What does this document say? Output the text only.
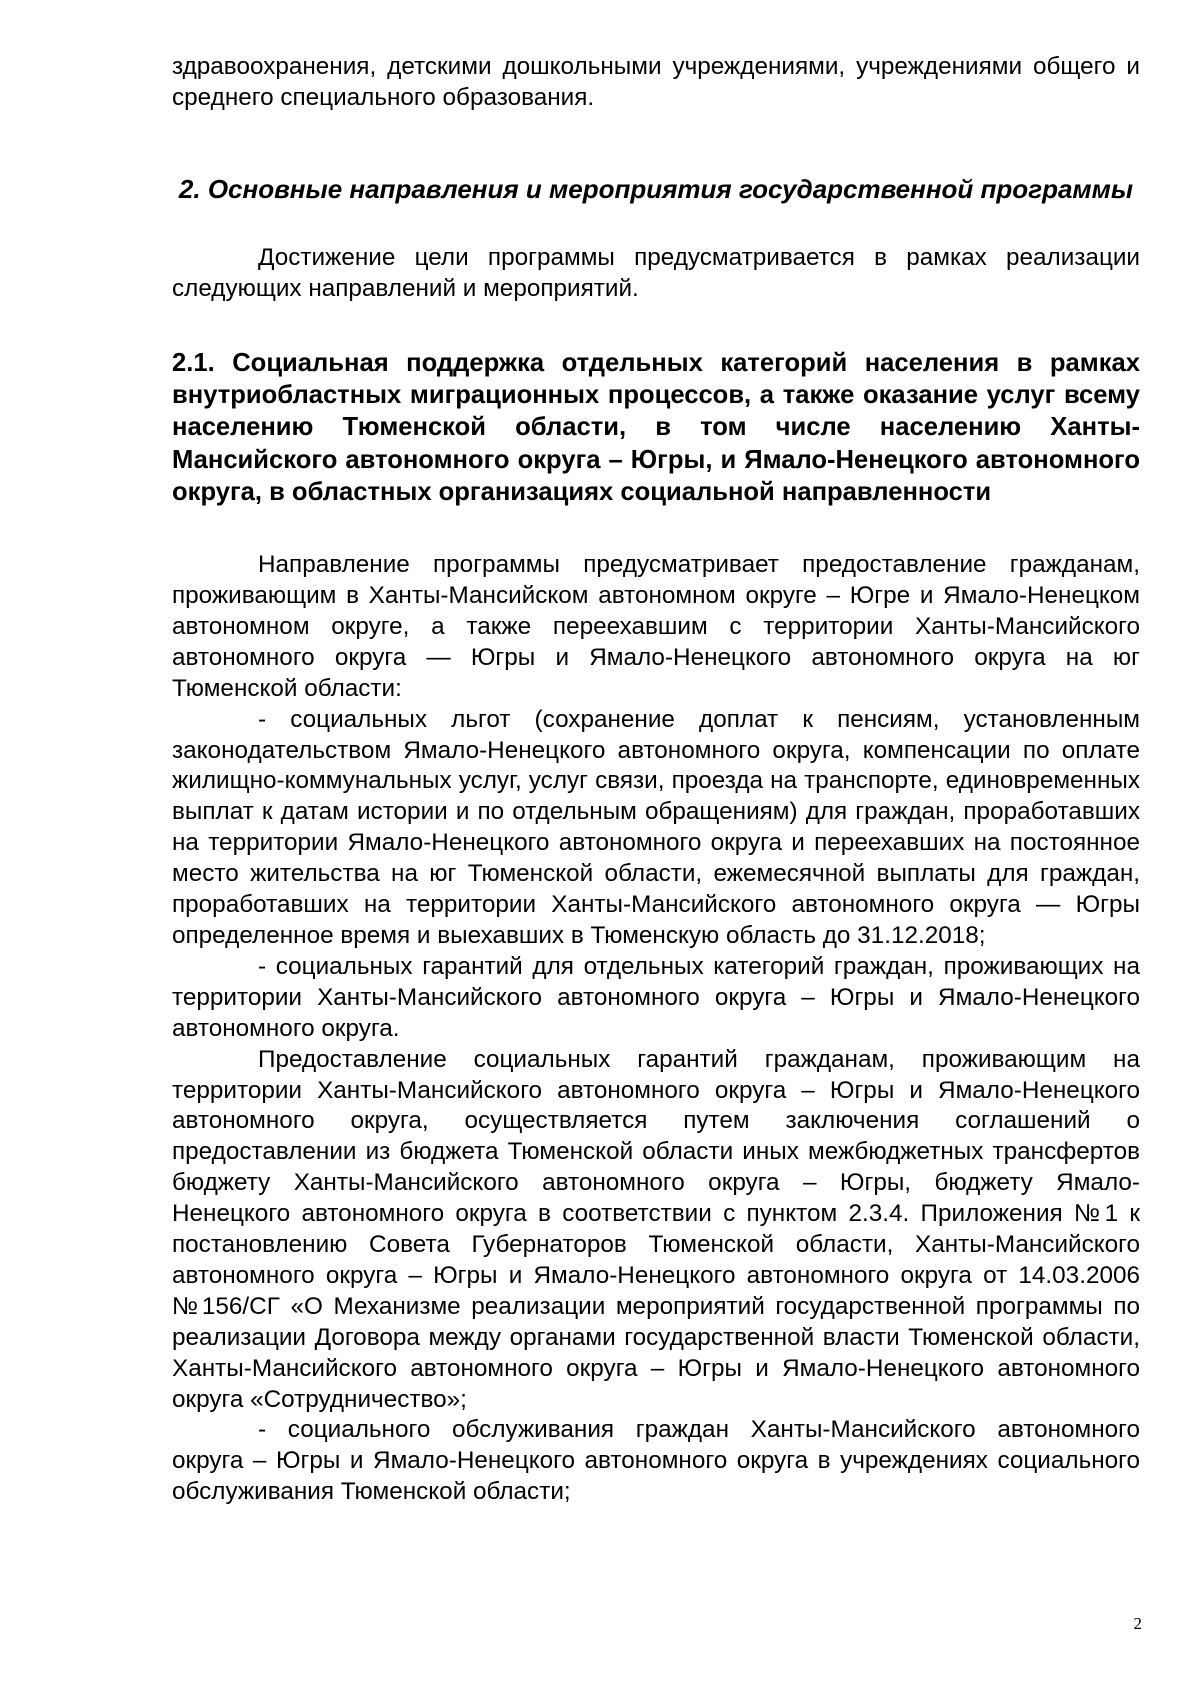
здравоохранения, детскими дошкольными учреждениями, учреждениями общего и среднего специального образования.

2. Основные направления и мероприятия государственной программы

Достижение цели программы предусматривается в рамках реализации следующих направлений и мероприятий.

2.1. Социальная поддержка отдельных категорий населения в рамках внутриобластных миграционных процессов, а также оказание услуг всему населению Тюменской области, в том числе населению Ханты-Мансийского автономного округа – Югры, и Ямало-Ненецкого автономного округа, в областных организациях социальной направленности

Направление программы предусматривает предоставление гражданам, проживающим в Ханты-Мансийском автономном округе – Югре и Ямало-Ненецком автономном округе, а также переехавшим с территории Ханты-Мансийского автономного округа — Югры и Ямало-Ненецкого автономного округа на юг Тюменской области:

- социальных льгот (сохранение доплат к пенсиям, установленным законодательством Ямало-Ненецкого автономного округа, компенсации по оплате жилищно-коммунальных услуг, услуг связи, проезда на транспорте, единовременных выплат к датам истории и по отдельным обращениям) для граждан, проработавших на территории Ямало-Ненецкого автономного округа и переехавших на постоянное место жительства на юг Тюменской области, ежемесячной выплаты для граждан, проработавших на территории Ханты-Мансийского автономного округа — Югры определенное время и выехавших в Тюменскую область до 31.12.2018;

- социальных гарантий для отдельных категорий граждан, проживающих на территории Ханты-Мансийского автономного округа – Югры и Ямало-Ненецкого автономного округа.

Предоставление социальных гарантий гражданам, проживающим на территории Ханты-Мансийского автономного округа – Югры и Ямало-Ненецкого автономного округа, осуществляется путем заключения соглашений о предоставлении из бюджета Тюменской области иных межбюджетных трансфертов бюджету Ханты-Мансийского автономного округа – Югры, бюджету Ямало-Ненецкого автономного округа в соответствии с пунктом 2.3.4. Приложения №1 к постановлению Совета Губернаторов Тюменской области, Ханты-Мансийского автономного округа – Югры и Ямало-Ненецкого автономного округа от 14.03.2006 №156/СГ «О Механизме реализации мероприятий государственной программы по реализации Договора между органами государственной власти Тюменской области, Ханты-Мансийского автономного округа – Югры и Ямало-Ненецкого автономного округа «Сотрудничество»;

- социального обслуживания граждан Ханты-Мансийского автономного округа – Югры и Ямало-Ненецкого автономного округа в учреждениях социального обслуживания Тюменской области;

2
